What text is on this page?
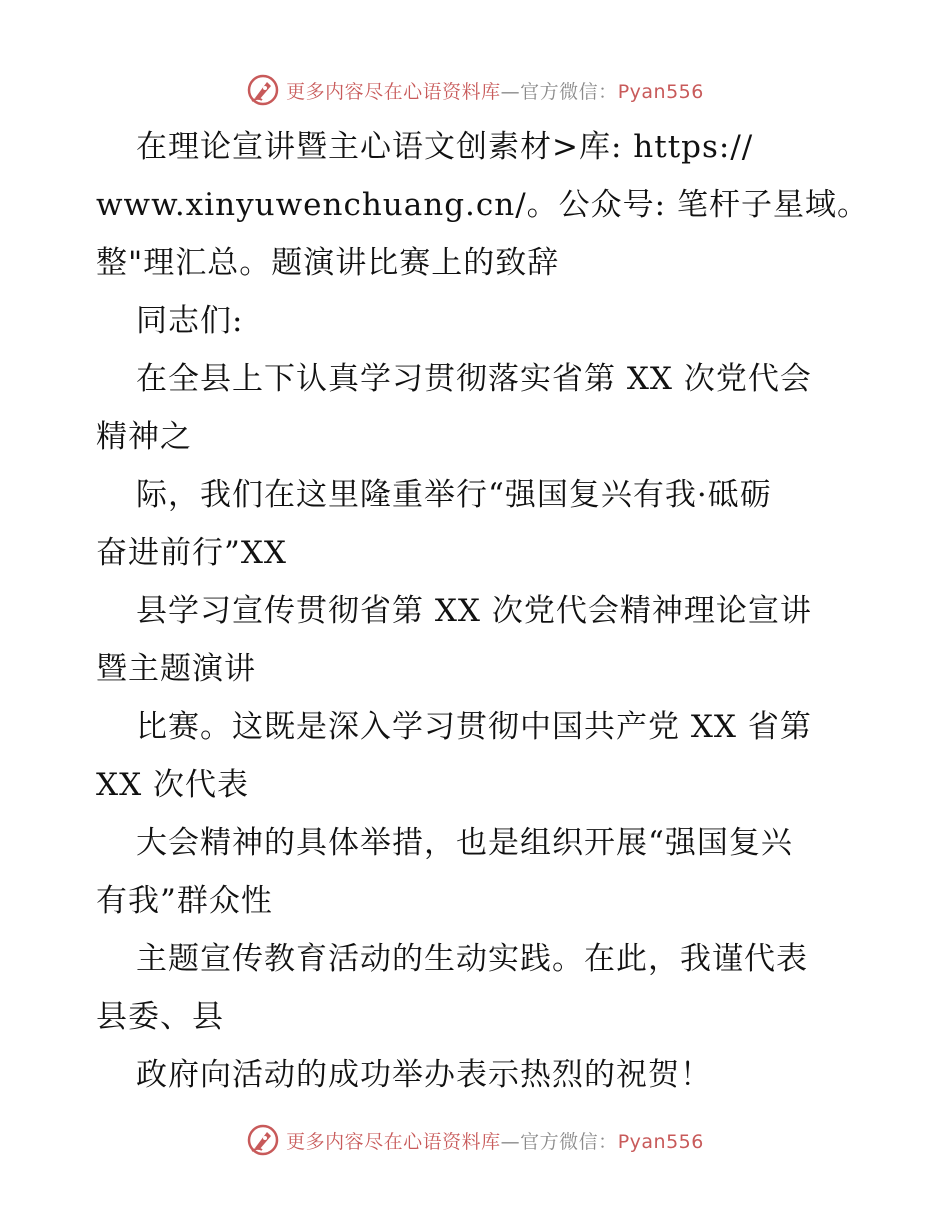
更多内容尽在心语资料库—官方微信：Pyan556
在理论宣讲暨主心语文创素材>库: https://
www.xinyuwenchuang.cn/。公众号: 笔杆子星域。
整"理汇总。题演讲比赛上的致辞
同志们:
在全县上下认真学习贯彻落实省第 XX 次党代会
精神之
际，我们在这里隆重举行“强国复兴有我·砥砺
奋进前行”XX
县学习宣传贯彻省第 XX 次党代会精神理论宣讲
暨主题演讲
比赛。这既是深入学习贯彻中国共产党 XX 省第
XX 次代表
大会精神的具体举措，也是组织开展“强国复兴
有我”群众性
主题宣传教育活动的生动实践。在此，我谨代表
县委、县
政府向活动的成功举办表示热烈的祝贺！
更多内容尽在心语资料库—官方微信：Pyan556
